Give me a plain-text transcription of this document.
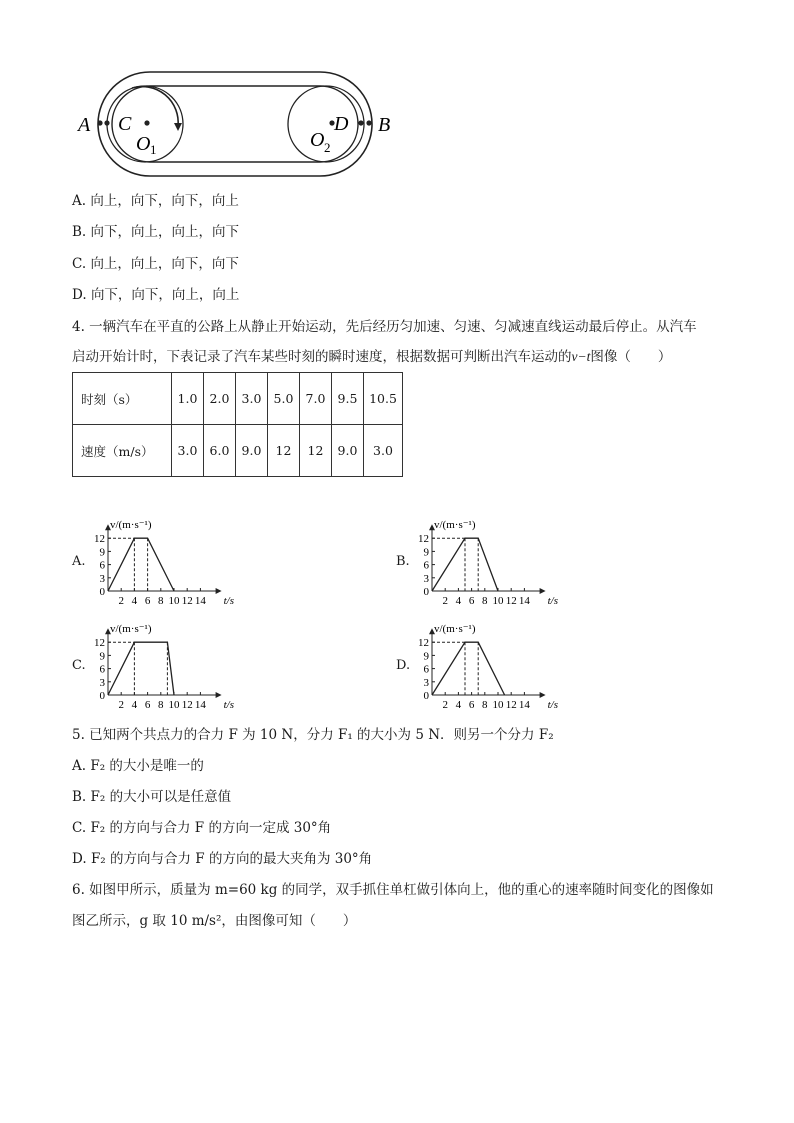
A C
O 1	O 2
D B
A. 向上，向下，向下，向上
B. 向下，向上，向上，向下
C. 向上，向上，向下，向下
D. 向下，向下，向上，向上
4. 一辆汽车在平直的公路上从静止开始运动，先后经历匀加速、匀速、匀减速直线运动最后停止。从汽车
启动开始计时，下表记录了汽车某些时刻的瞬时速度，根据数据可判断出汽车运动的v−t图像（　　）
时刻（s）	1.0	2.0	3.0	5.0	7.0	9.5	10.5
速度（m/s）	3.0	6.0	9.0	12	12	9.0	3.0
A.
12
9
6
3
0
2 4 6 8 10 12 14
v/(m·s⁻¹)
t/s
B.
12
9
6
3
0
2 4 6 8 10 12 14
v/(m·s⁻¹)
t/s
C.
12
9
6
3
0
2 4 6 8 10 12 14
v/(m·s⁻¹)
t/s
D.
12
9
6
3
0
2 4 6 8 10 12 14
v/(m·s⁻¹)
t/s
5. 已知两个共点力的合力 F 为 10 N，分力 F₁ 的大小为 5 N．则另一个分力 F₂
A. F₂ 的大小是唯一的
B. F₂ 的大小可以是任意值
C. F₂ 的方向与合力 F 的方向一定成 30°角
D. F₂ 的方向与合力 F 的方向的最大夹角为 30°角
6. 如图甲所示，质量为 m=60 kg 的同学，双手抓住单杠做引体向上，他的重心的速率随时间变化的图像如
图乙所示，g 取 10 m/s²，由图像可知（　　）
